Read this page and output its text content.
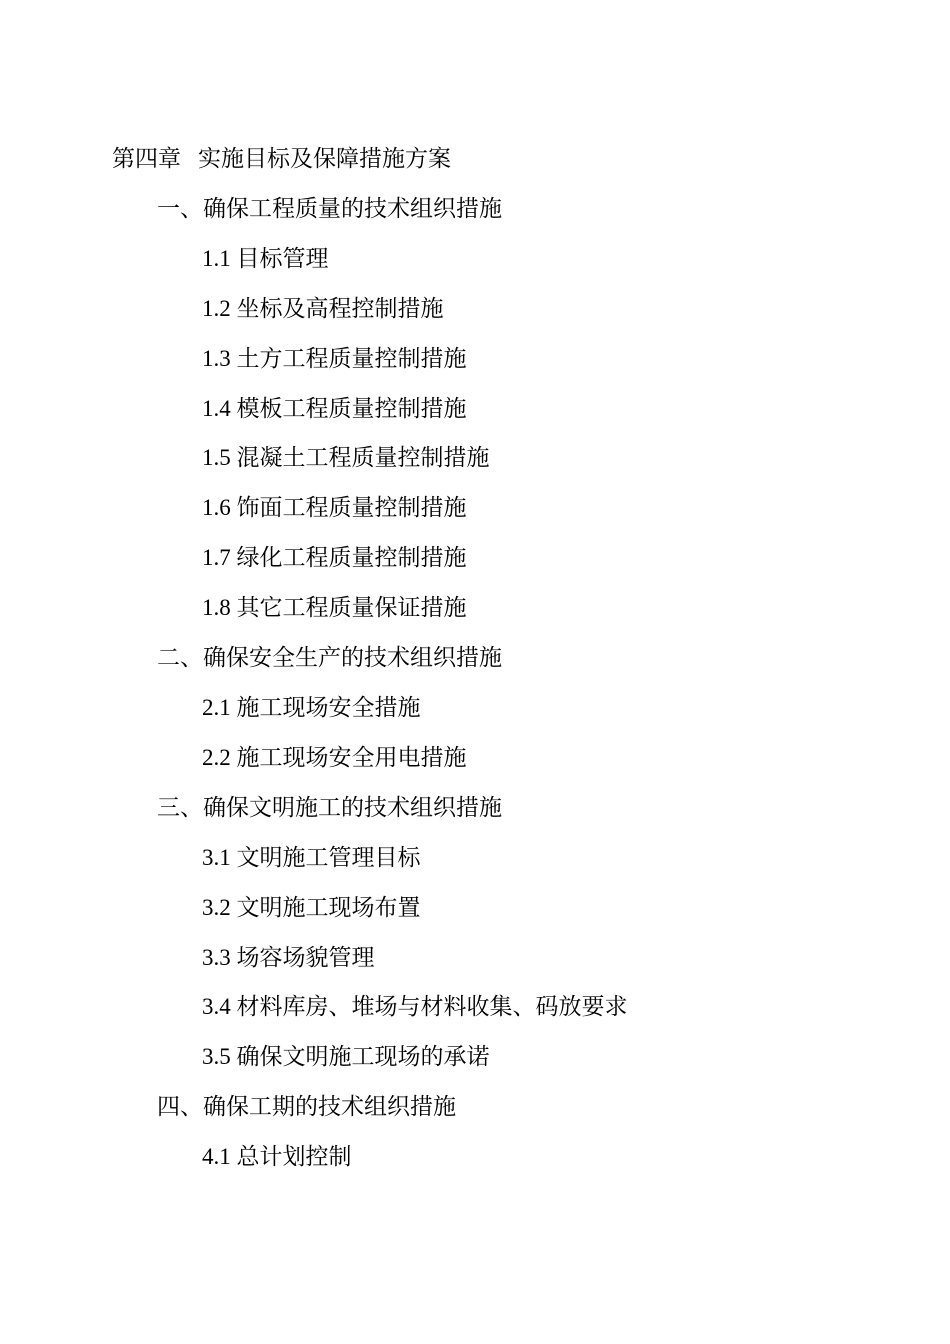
第四章 实施目标及保障措施方案
一、确保工程质量的技术组织措施
1.1 目标管理
1.2 坐标及高程控制措施
1.3 土方工程质量控制措施
1.4 模板工程质量控制措施
1.5 混凝土工程质量控制措施
1.6 饰面工程质量控制措施
1.7 绿化工程质量控制措施
1.8 其它工程质量保证措施
二、确保安全生产的技术组织措施
2.1 施工现场安全措施
2.2 施工现场安全用电措施
三、确保文明施工的技术组织措施
3.1 文明施工管理目标
3.2 文明施工现场布置
3.3 场容场貌管理
3.4 材料库房、堆场与材料收集、码放要求
3.5 确保文明施工现场的承诺
四、确保工期的技术组织措施
4.1 总计划控制
